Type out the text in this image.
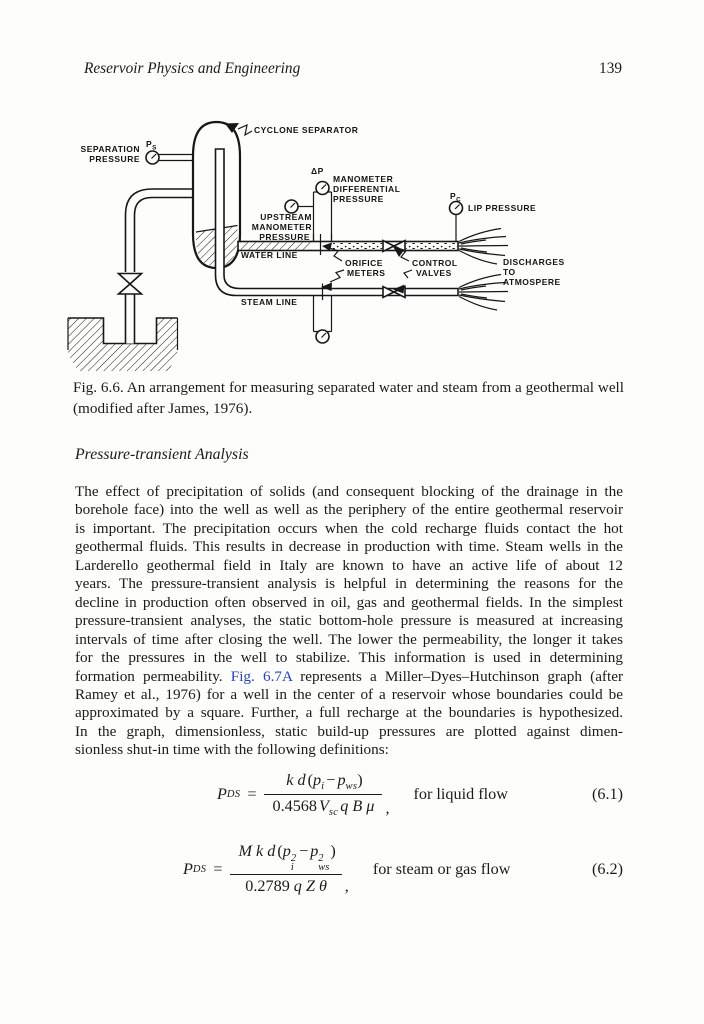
Reservoir Physics and Engineering	139
CYCLONE SEPARATOR
SEPARATION
PRESSURE
PS
ΔP
MANOMETER
DIFFERENTIAL
PRESSURE
UPSTREAM
MANOMETER
PRESSURE
PC
LIP PRESSURE
WATER LINE
ORIFICE
METERS
CONTROL
VALVES
DISCHARGES
TO
ATMOSPERE
STEAM LINE
Fig. 6.6. An arrangement for measuring separated water and steam from a geothermal well
(modified after James, 1976).
Pressure-transient Analysis
The effect of precipitation of solids (and consequent blocking of the drainage in the
borehole face) into the well as well as the periphery of the entire geothermal reservoir
is important. The precipitation occurs when the cold recharge fluids contact the hot
geothermal fluids. This results in decrease in production with time. Steam wells in the
Larderello geothermal field in Italy are known to have an active life of about 12
years. The pressure-transient analysis is helpful in determining the reasons for the
decline in production often observed in oil, gas and geothermal fields. In the simplest
pressure-transient analyses, the static bottom-hole pressure is measured at increasing
intervals of time after closing the well. The lower the permeability, the longer it takes
for the pressures in the well to stabilize. This information is used in determining
formation permeability. Fig. 6.7A represents a Miller–Dyes–Hutchinson graph (after
Ramey et al., 1976) for a well in the center of a reservoir whose boundaries could be
approximated by a square. Further, a full recharge at the boundaries is hypothesized.
In the graph, dimensionless, static build-up pressures are plotted against dimen-
sionless shut-in time with the following definitions:
P DS = $\frac{k d (p_i - p_{ws})}{0.4568 V_{sc} q B \mu}$ ,
for liquid flow	(6.1)
P DS = M k d (p 2
i
− p 2
ws
)
0.2789 q Z θ ,
for steam or gas flow	(6.2)
